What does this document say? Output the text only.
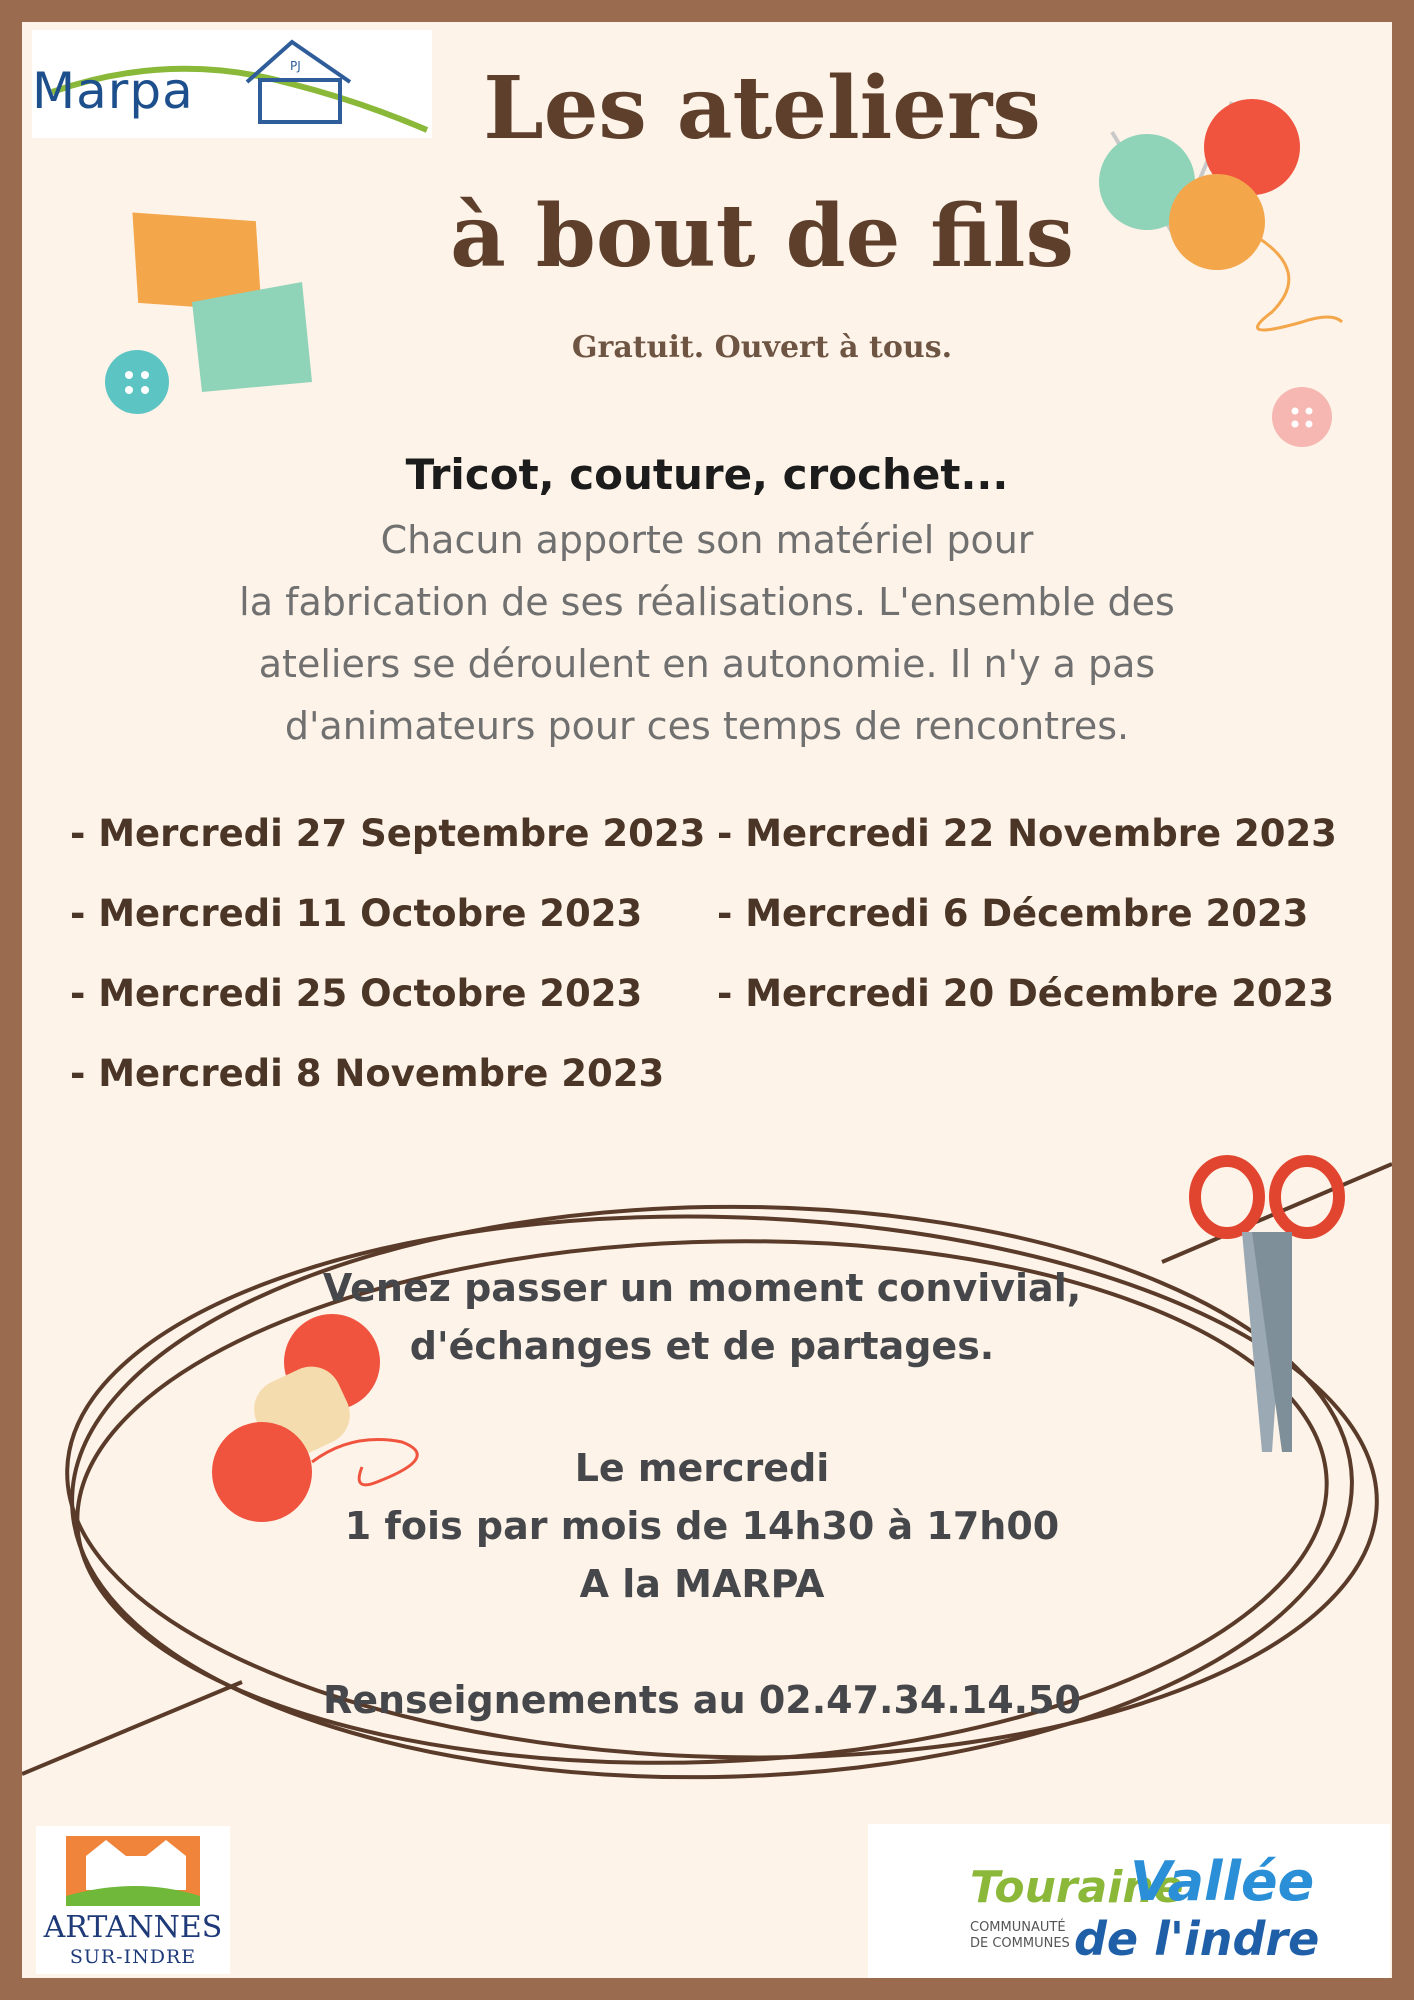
PJ
Marpa	Les ateliers
à bout de fils
Gratuit. Ouvert à tous.
Tricot, couture, crochet...
Chacun apporte son matériel pour
la fabrication de ses réalisations. L'ensemble des
ateliers se déroulent en autonomie. Il n'y a pas
d'animateurs pour ces temps de rencontres.
- Mercredi 27 Septembre 2023
- Mercredi 11 Octobre 2023
- Mercredi 25 Octobre 2023
- Mercredi 8 Novembre 2023
- Mercredi 22 Novembre 2023
- Mercredi 6 Décembre 2023
- Mercredi 20 Décembre 2023
Venez passer un moment convivial,
d'échanges et de partages.
Le mercredi
1 fois par mois de 14h30 à 17h00
A la MARPA
Renseignements au 02.47.34.14.50
ARTANNES
SUR-INDRE
Touraine
Vallée
COMMUNAUTÉ DE COMMUNES de l'indre
